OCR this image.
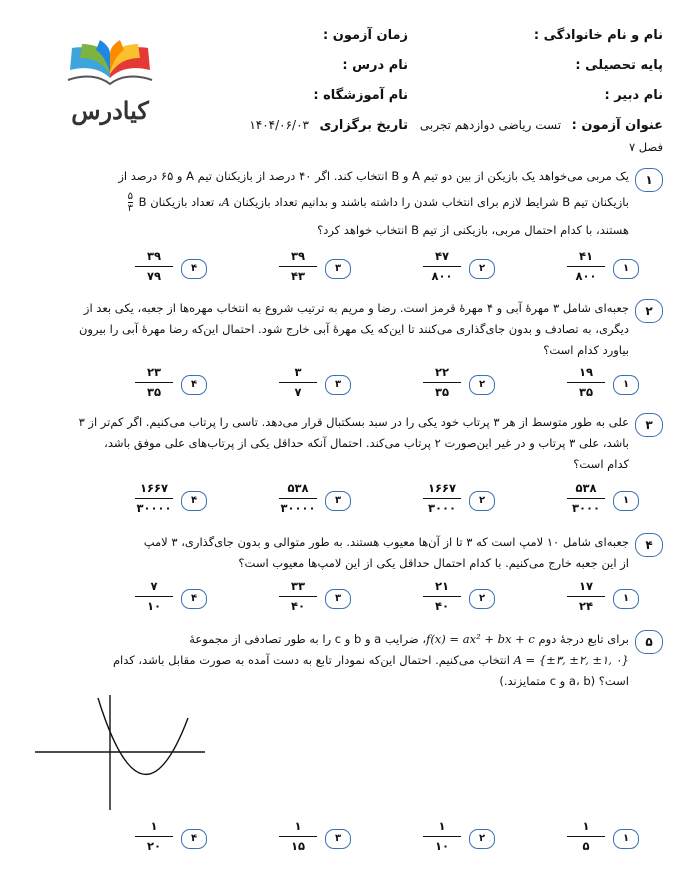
نام و نام خانوادگی :
زمان آزمون :
پایه تحصیلی :
نام درس :
نام دبیر :
نام آموزشگاه :
عنوان آزمون : تست ریاضی دوازدهم تجربی
تاریخ برگزاری ۱۴۰۴/۰۶/۰۳
فصل ۷
کیادرس
۱
یک مربی می‌خواهد یک بازیکن از بین دو تیم A و B انتخاب کند. اگر ۴۰ درصد از بازیکنان تیم A و ۶۵ درصد از
بازیکنان تیم B شرایط لازم برای انتخاب شدن را داشته باشند و بدانیم تعداد بازیکنان A، تعداد بازیکنان B
$\frac{۵}{۳}$
هستند، با کدام احتمال مربی، بازیکنی از تیم B انتخاب خواهد کرد؟
۱
۴۱
۸۰۰
۲
۴۷
۸۰۰
۳
۳۹
۴۳
۴
۳۹
۷۹
۲
جعبه‌ای شامل ۳ مهرهٔ آبی و ۴ مهرهٔ قرمز است. رضا و مریم به ترتیب شروع به انتخاب مهره‌ها از جعبه، یکی بعد از
دیگری، به تصادف و بدون جای‌گذاری می‌کنند تا این‌که یک مهرهٔ آبی خارج شود. احتمال این‌که رضا مهرهٔ آبی را بیرون
بیاورد کدام است؟
۱
۱۹
۳۵
۲
۲۲
۳۵
۳
۳
۷
۴
۲۳
۳۵
۳
علی به طور متوسط از هر ۳ پرتاب خود یکی را در سبد بسکتبال قرار می‌دهد. تاسی را پرتاب می‌کنیم. اگر کم‌تر از ۳
باشد، علی ۳ پرتاب و در غیر این‌صورت ۲ پرتاب می‌کند. احتمال آنکه حداقل یکی از پرتاب‌های علی موفق باشد،
کدام است؟
۱
۵۳۸
۳۰۰۰
۲
۱۶۶۷
۳۰۰۰
۳
۵۳۸
۳۰۰۰۰
۴
۱۶۶۷
۳۰۰۰۰
۴
جعبه‌ای شامل ۱۰ لامپ است که ۳ تا از آن‌ها معیوب هستند. به طور متوالی و بدون جای‌گذاری، ۳ لامپ
از این جعبه خارج می‌کنیم. با کدام احتمال حداقل یکی از این لامپ‌ها معیوب است؟
۱
۱۷
۲۴
۲
۲۱
۴۰
۳
۳۳
۴۰
۴
۷
۱۰
۵
برای تابع درجهٔ دوم f(x) = ax² + bx + c، ضرایب a و b و c را به طور تصادفی از مجموعهٔ
A = {±۳, ±۲, ±۱, ۰} انتخاب می‌کنیم. احتمال این‌که نمودار تابع به دست آمده به صورت مقابل باشد، کدام
است؟ (a، b و c متمایزند.)
۱
۱
۵
۲
۱
۱۰
۳
۱
۱۵
۴
۱
۲۰
